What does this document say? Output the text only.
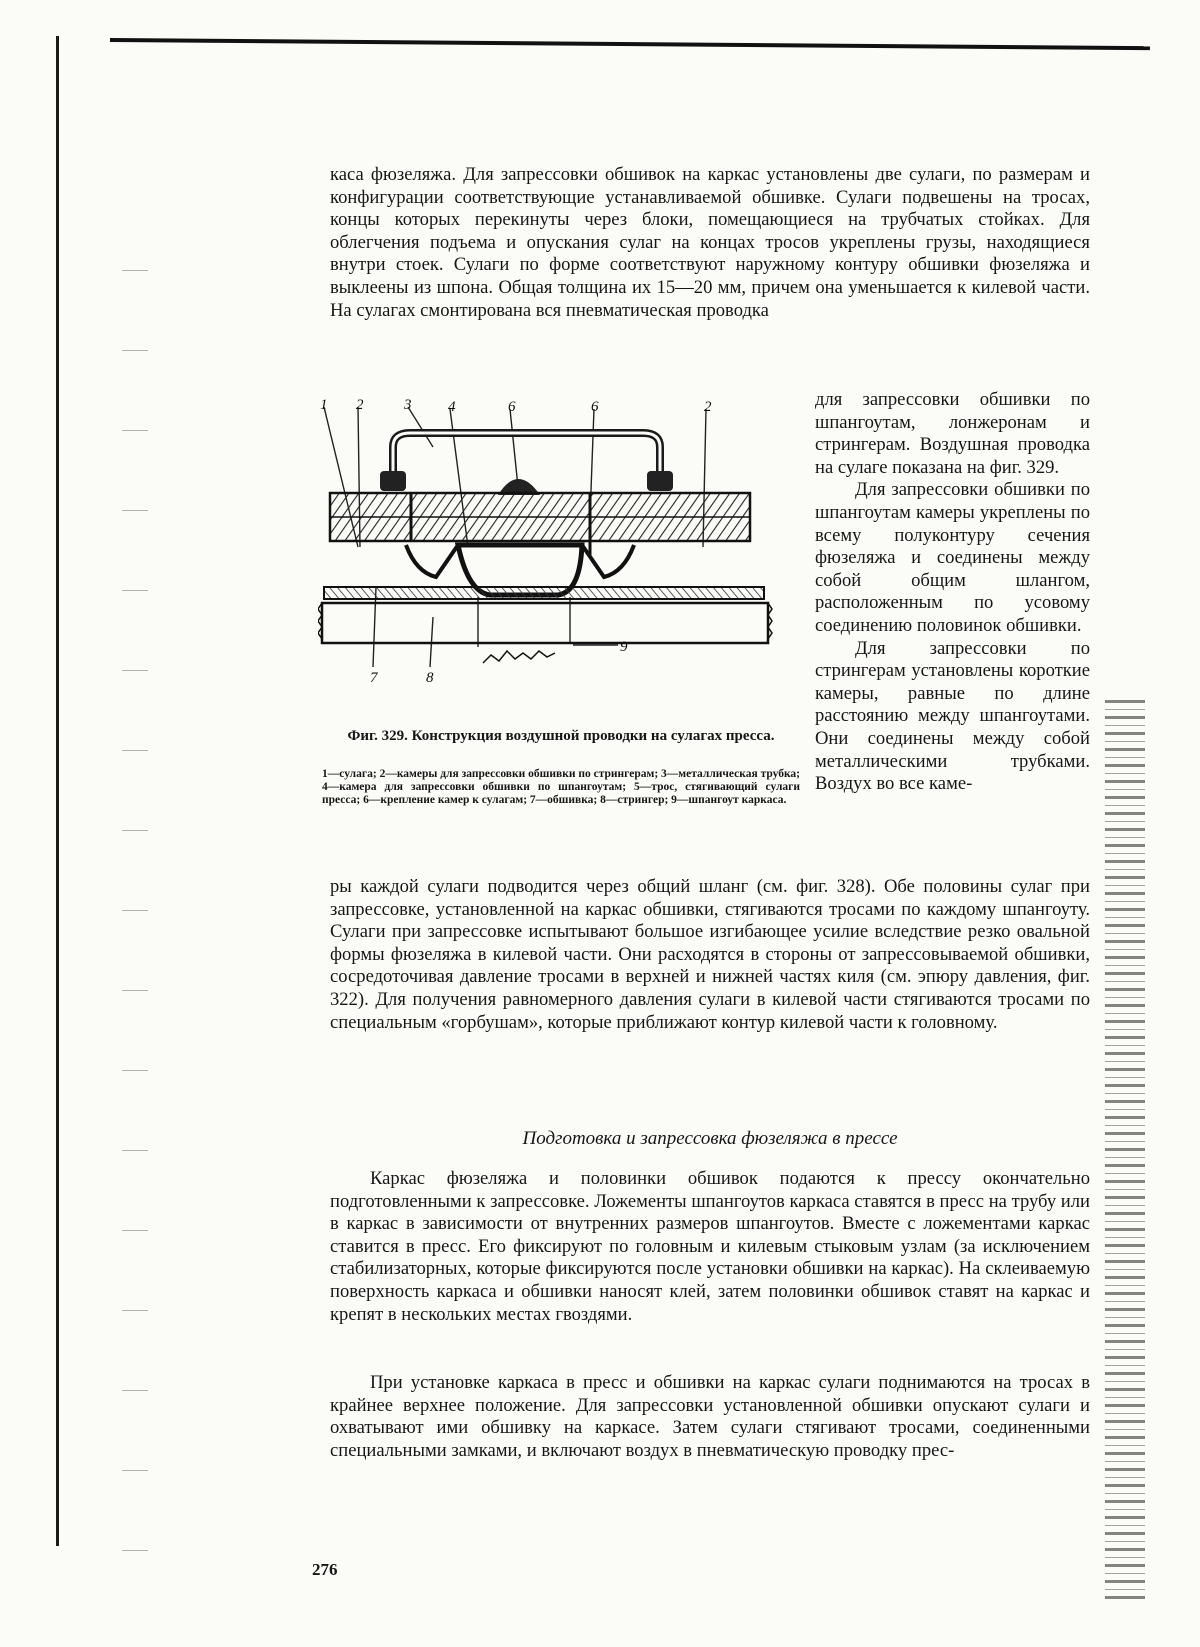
каса фюзеляжа. Для запрессовки обшивок на каркас установлены две сулаги, по размерам и конфигурации соответствующие устанавливаемой обшивке. Сулаги подвешены на тросах, концы которых перекинуты через блоки, помещающиеся на трубчатых стойках. Для облегчения подъема и опускания сулаг на концах тросов укреплены грузы, находящиеся внутри стоек. Сулаги по форме соответствуют наружному контуру обшивки фюзеляжа и выклеены из шпона. Общая толщина их 15—20 мм, причем она уменьшается к килевой части. На сулагах смонтирована вся пневматическая проводка

для запрессовки обшивки по шпангоутам, лонжеронам и стрингерам. Воздушная проводка на сулаге показана на фиг. 329.

Для запрессовки обшивки по шпангоутам камеры укреплены по всему полуконтуру сечения фюзеляжа и соединены между собой общим шлангом, расположенным по усовому соединению половинок обшивки.

Для запрессовки по стрингерам установлены короткие камеры, равные по длине расстоянию между шпангоутами. Они соединены между собой металлическими трубками. Воздух во все каме-

1 2	3 4	6	6	2
7	8
9
Фиг. 329. Конструкция воздушной проводки на сулагах пресса.
1—сулага; 2—камеры для запрессовки обшивки по стрингерам; 3—металлическая трубка; 4—камера для запрессовки обшивки по шпангоутам; 5—трос, стягивающий сулаги пресса; 6—крепление камер к сулагам; 7—обшивка; 8—стрингер; 9—шпангоут каркаса.

ры каждой сулаги подводится через общий шланг (см. фиг. 328). Обе половины сулаг при запрессовке, установленной на каркас обшивки, стягиваются тросами по каждому шпангоуту. Сулаги при запрессовке испытывают большое изгибающее усилие вследствие резко овальной формы фюзеляжа в килевой части. Они расходятся в стороны от запрессовываемой обшивки, сосредоточивая давление тросами в верхней и нижней частях киля (см. эпюру давления, фиг. 322). Для получения равномерного давления сулаги в килевой части стягиваются тросами по специальным «горбушам», которые приближают контур килевой части к головному.

Подготовка и запрессовка фюзеляжа в прессе

Каркас фюзеляжа и половинки обшивок подаются к прессу окончательно подготовленными к запрессовке. Ложементы шпангоутов каркаса ставятся в пресс на трубу или в каркас в зависимости от внутренних размеров шпангоутов. Вместе с ложементами каркас ставится в пресс. Его фиксируют по головным и килевым стыковым узлам (за исключением стабилизаторных, которые фиксируются после установки обшивки на каркас). На склеиваемую поверхность каркаса и обшивки наносят клей, затем половинки обшивок ставят на каркас и крепят в нескольких местах гвоздями.

При установке каркаса в пресс и обшивки на каркас сулаги поднимаются на тросах в крайнее верхнее положение. Для запрессовки установленной обшивки опускают сулаги и охватывают ими обшивку на каркасе. Затем сулаги стягивают тросами, соединенными специальными замками, и включают воздух в пневматическую проводку прес-

276
